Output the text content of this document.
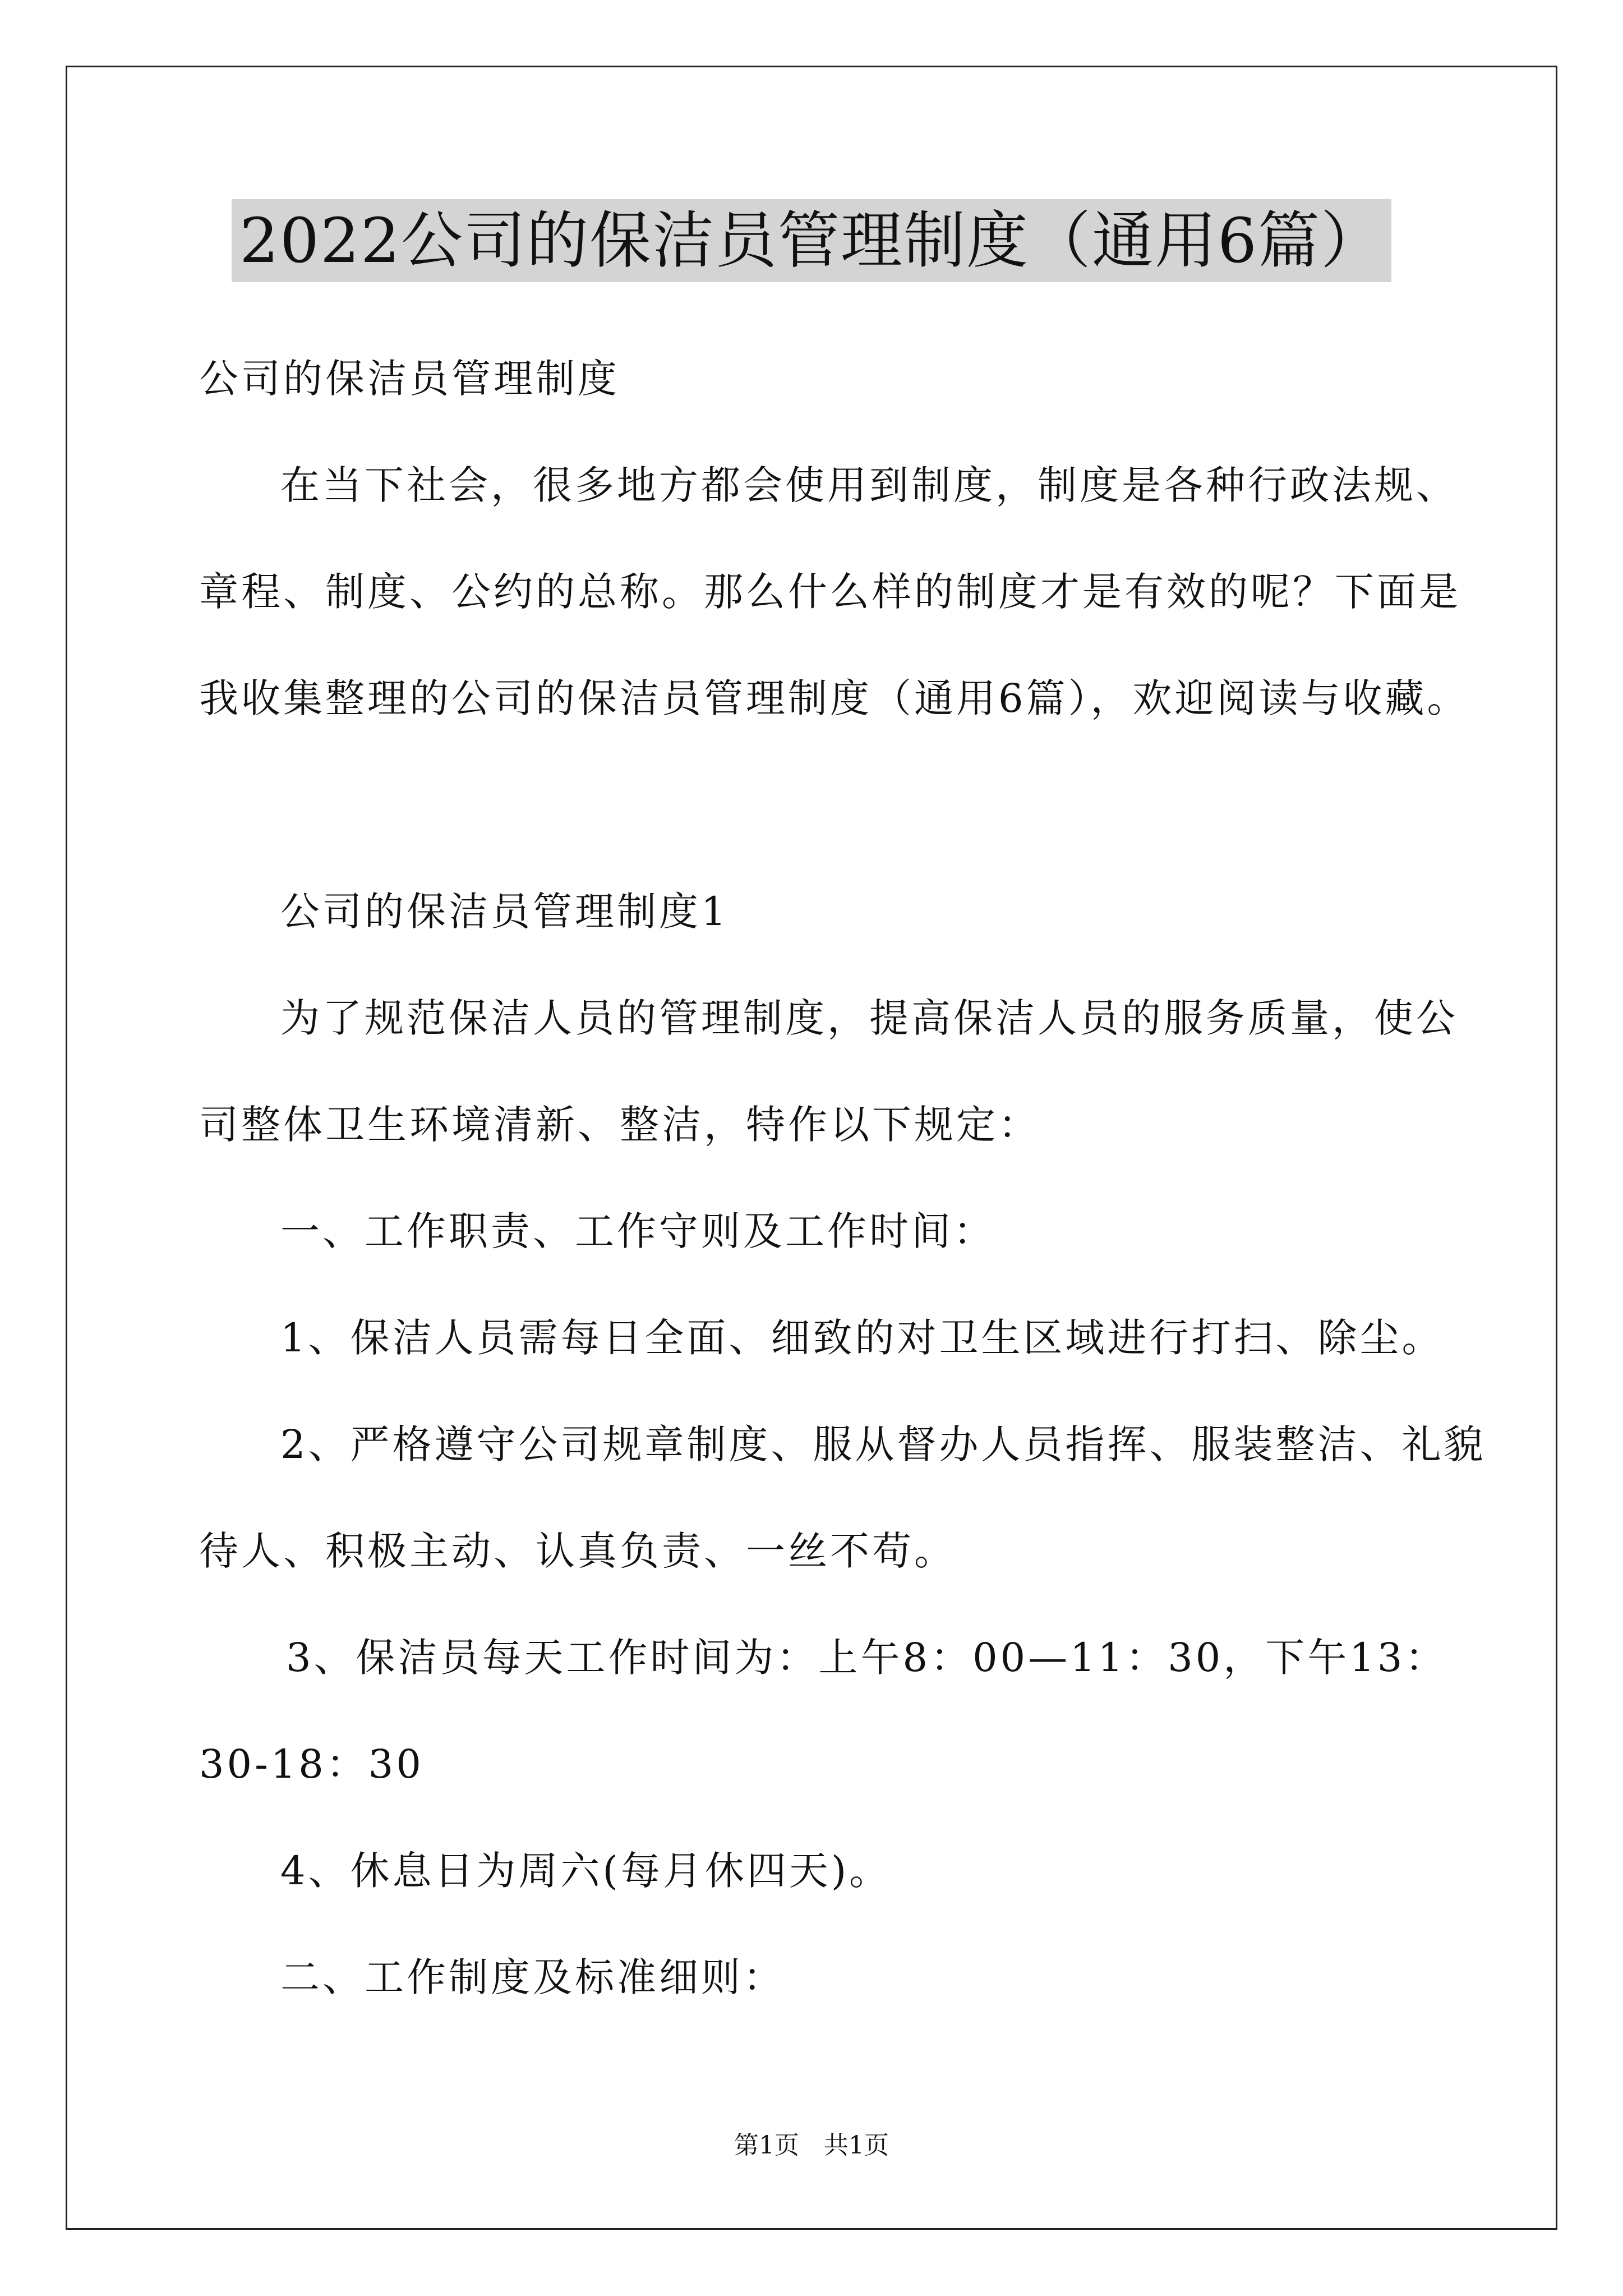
2022公司的保洁员管理制度（通用6篇）
公司的保洁员管理制度
在当下社会，很多地方都会使用到制度，制度是各种行政法规、
章程、制度、公约的总称。那么什么样的制度才是有效的呢？下面是
我收集整理的公司的保洁员管理制度（通用6篇），欢迎阅读与收藏。
公司的保洁员管理制度1
为了规范保洁人员的管理制度，提高保洁人员的服务质量，使公
司整体卫生环境清新、整洁，特作以下规定：
一、工作职责、工作守则及工作时间：
1、保洁人员需每日全面、细致的对卫生区域进行打扫、除尘。
2、严格遵守公司规章制度、服从督办人员指挥、服装整洁、礼貌
待人、积极主动、认真负责、一丝不苟。
3、保洁员每天工作时间为：上午8：00—11：30，下午13：
30-18：30
4、休息日为周六(每月休四天)。
二、工作制度及标准细则：
第1页　共1页
